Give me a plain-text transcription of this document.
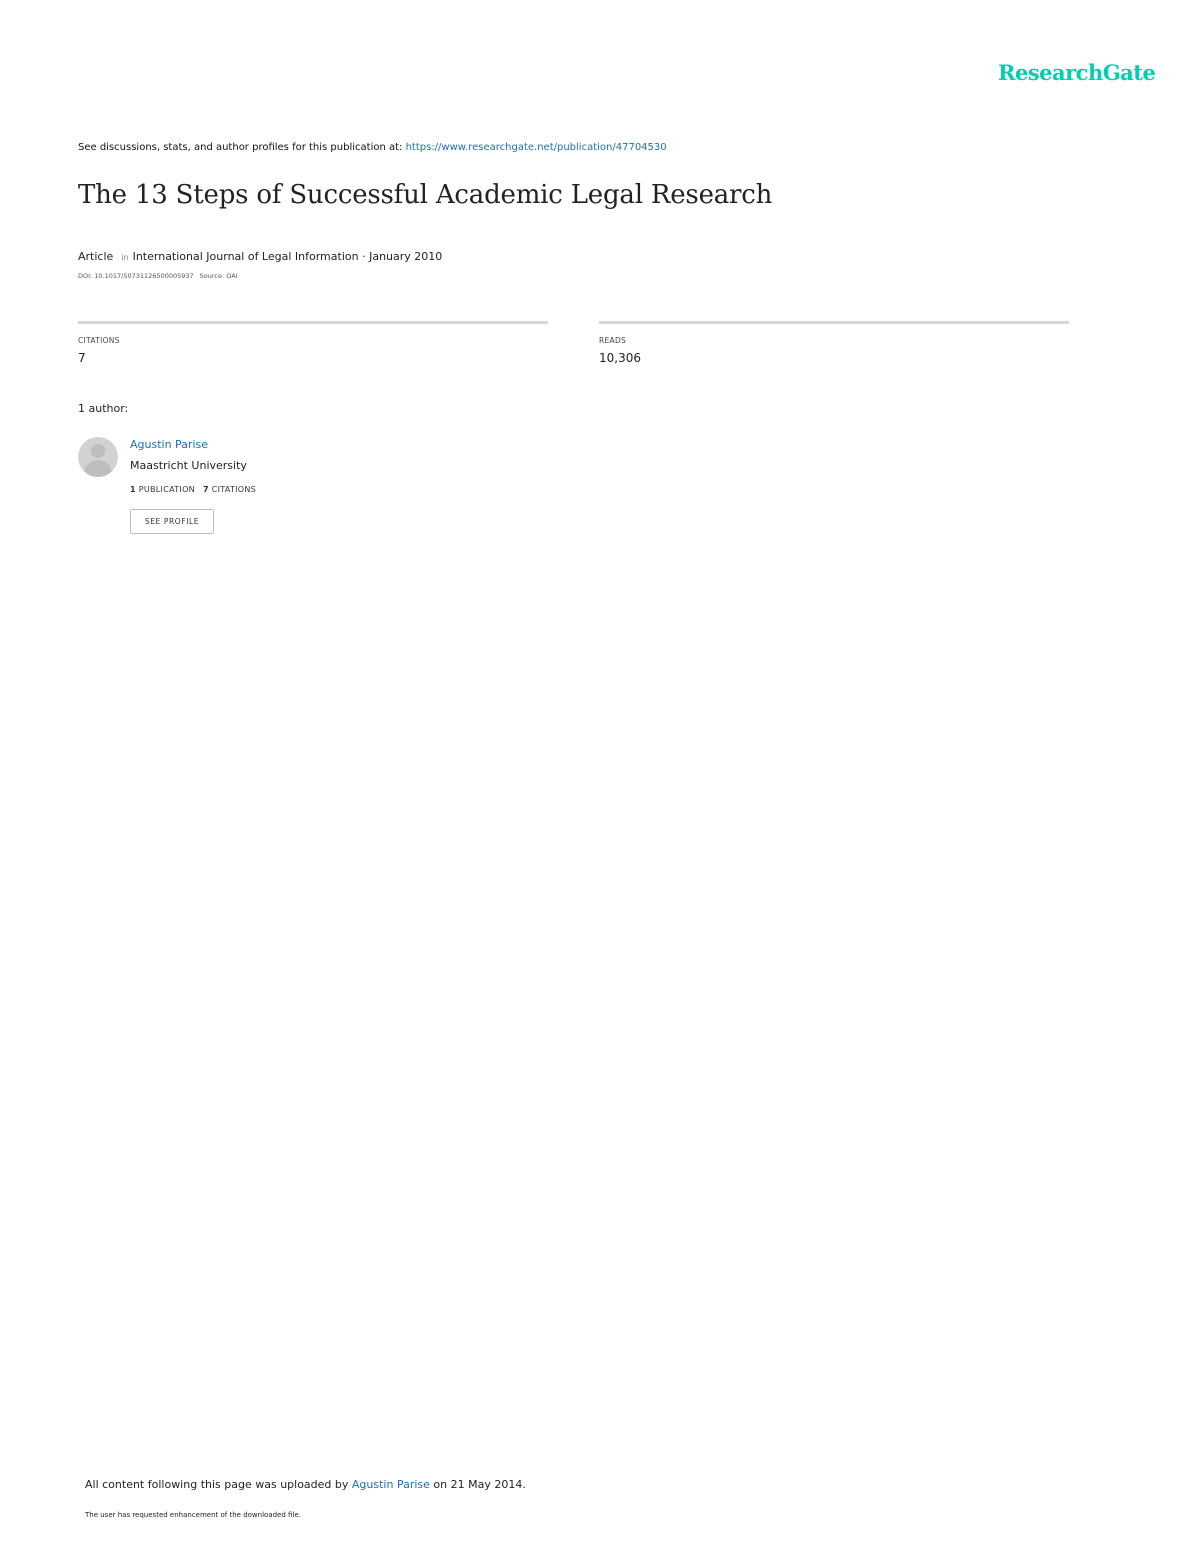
ResearchGate
See discussions, stats, and author profiles for this publication at: https://www.researchgate.net/publication/47704530
The 13 Steps of Successful Academic Legal Research
Article in International Journal of Legal Information · January 2010
DOI: 10.1017/S0731126500005937 Source: OAI
CITATIONS
7
READS
10,306
1 author:
Agustin Parise
Maastricht University
1 PUBLICATION 7 CITATIONS
SEE PROFILE
All content following this page was uploaded by Agustin Parise on 21 May 2014.
The user has requested enhancement of the downloaded file.
